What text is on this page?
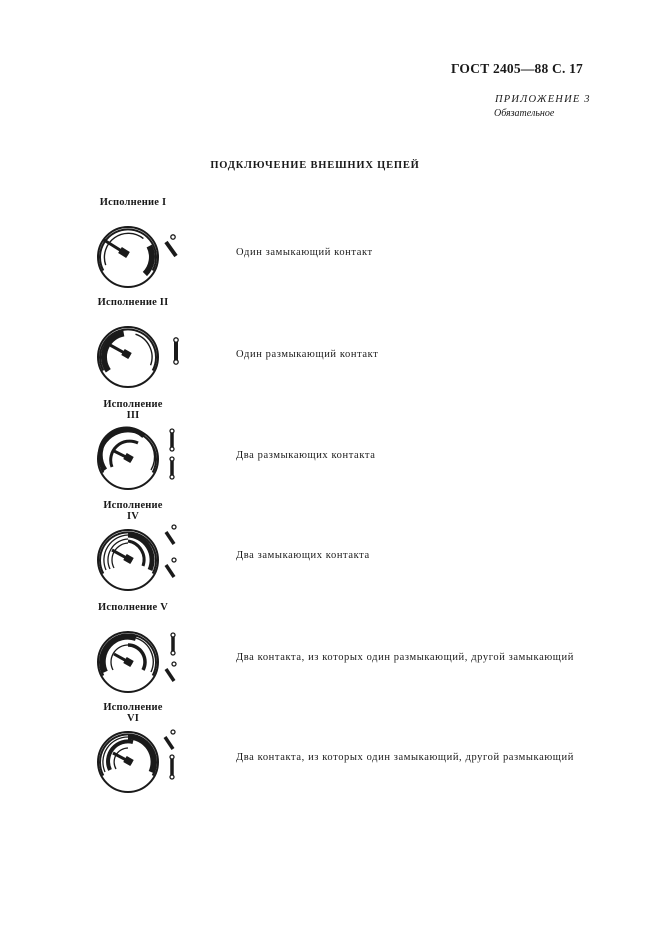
ГОСТ 2405—88 С. 17
ПРИЛОЖЕНИЕ 3
Обязательное
ПОДКЛЮЧЕНИЕ ВНЕШНИХ ЦЕПЕЙ
Исполнение I
Один замыкающий контакт
Исполнение II
Один размыкающий контакт
Исполнение III
Два размыкающих контакта
Исполнение IV
Два замыкающих контакта
Исполнение V
Два контакта, из которых один размыкающий, другой замыкающий
Исполнение VI
Два контакта, из которых один замыкающий, другой размыкающий
